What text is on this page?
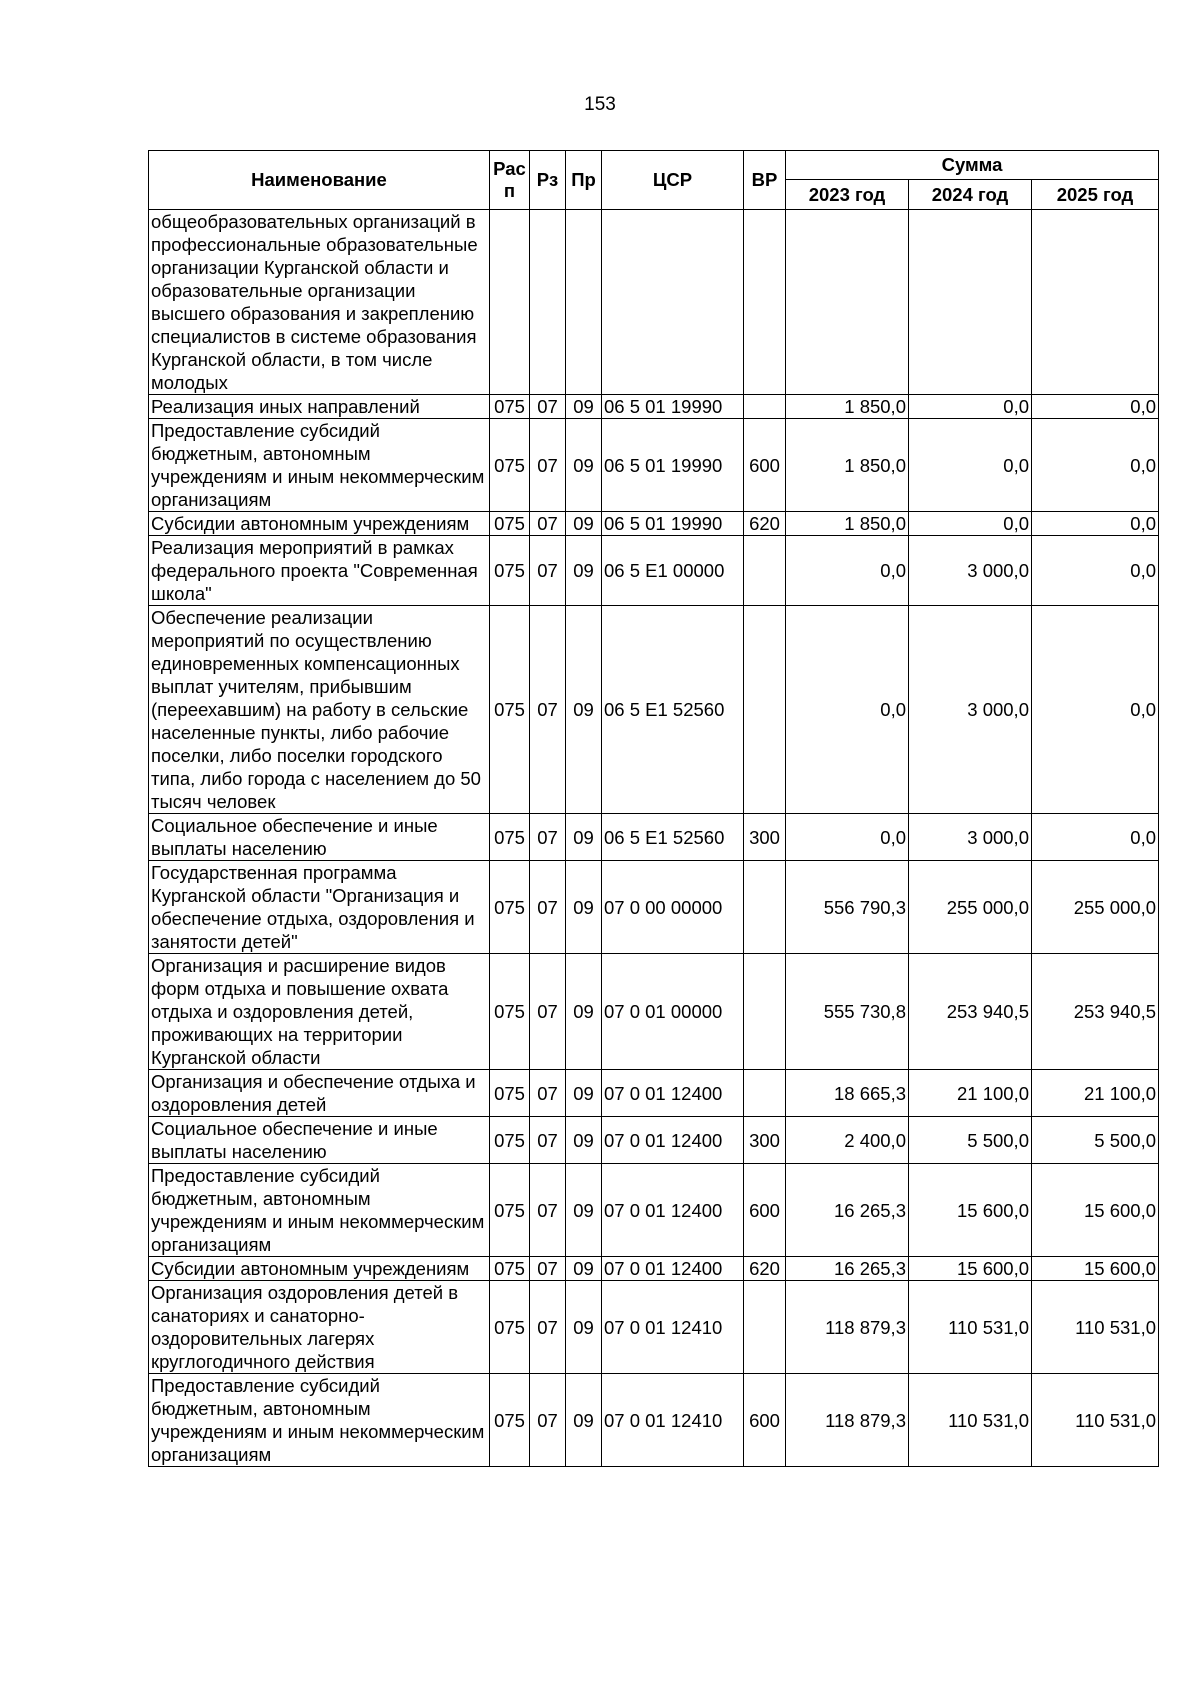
153
Наименование	Рас п	Рз	Пр	ЦСР	ВР	Сумма		
						2023 год	2024 год	2025 год
общеобразовательных организаций в профессиональные образовательные организации Курганской области и образовательные организации высшего образования и закреплению специалистов в системе образования Курганской области, в том числе молодых								
Реализация иных направлений	075	07	09	06 5 01 19990		1 850,0	0,0	0,0
Предоставление субсидий бюджетным, автономным учреждениям и иным некоммерческим организациям	075	07	09	06 5 01 19990	600	1 850,0	0,0	0,0
Субсидии автономным учреждениям	075	07	09	06 5 01 19990	620	1 850,0	0,0	0,0
Реализация мероприятий в рамках федерального проекта "Современная школа"	075	07	09	06 5 E1 00000		0,0	3 000,0	0,0
Обеспечение реализации мероприятий по осуществлению единовременных компенсационных выплат учителям, прибывшим (переехавшим) на работу в сельские населенные пункты, либо рабочие поселки, либо поселки городского типа, либо города с населением до 50 тысяч человек	075	07	09	06 5 E1 52560		0,0	3 000,0	0,0
Социальное обеспечение и иные выплаты населению	075	07	09	06 5 E1 52560	300	0,0	3 000,0	0,0
Государственная программа Курганской области "Организация и обеспечение отдыха, оздоровления и занятости детей"	075	07	09	07 0 00 00000		556 790,3	255 000,0	255 000,0
Организация и расширение видов форм отдыха и повышение охвата отдыха и оздоровления детей, проживающих на территории Курганской области	075	07	09	07 0 01 00000		555 730,8	253 940,5	253 940,5
Организация и обеспечение отдыха и оздоровления детей	075	07	09	07 0 01 12400		18 665,3	21 100,0	21 100,0
Социальное обеспечение и иные выплаты населению	075	07	09	07 0 01 12400	300	2 400,0	5 500,0	5 500,0
Предоставление субсидий бюджетным, автономным учреждениям и иным некоммерческим организациям	075	07	09	07 0 01 12400	600	16 265,3	15 600,0	15 600,0
Субсидии автономным учреждениям	075	07	09	07 0 01 12400	620	16 265,3	15 600,0	15 600,0
Организация оздоровления детей в санаториях и санаторно-оздоровительных лагерях круглогодичного действия	075	07	09	07 0 01 12410		118 879,3	110 531,0	110 531,0
Предоставление субсидий бюджетным, автономным учреждениям и иным некоммерческим организациям	075	07	09	07 0 01 12410	600	118 879,3	110 531,0	110 531,0
